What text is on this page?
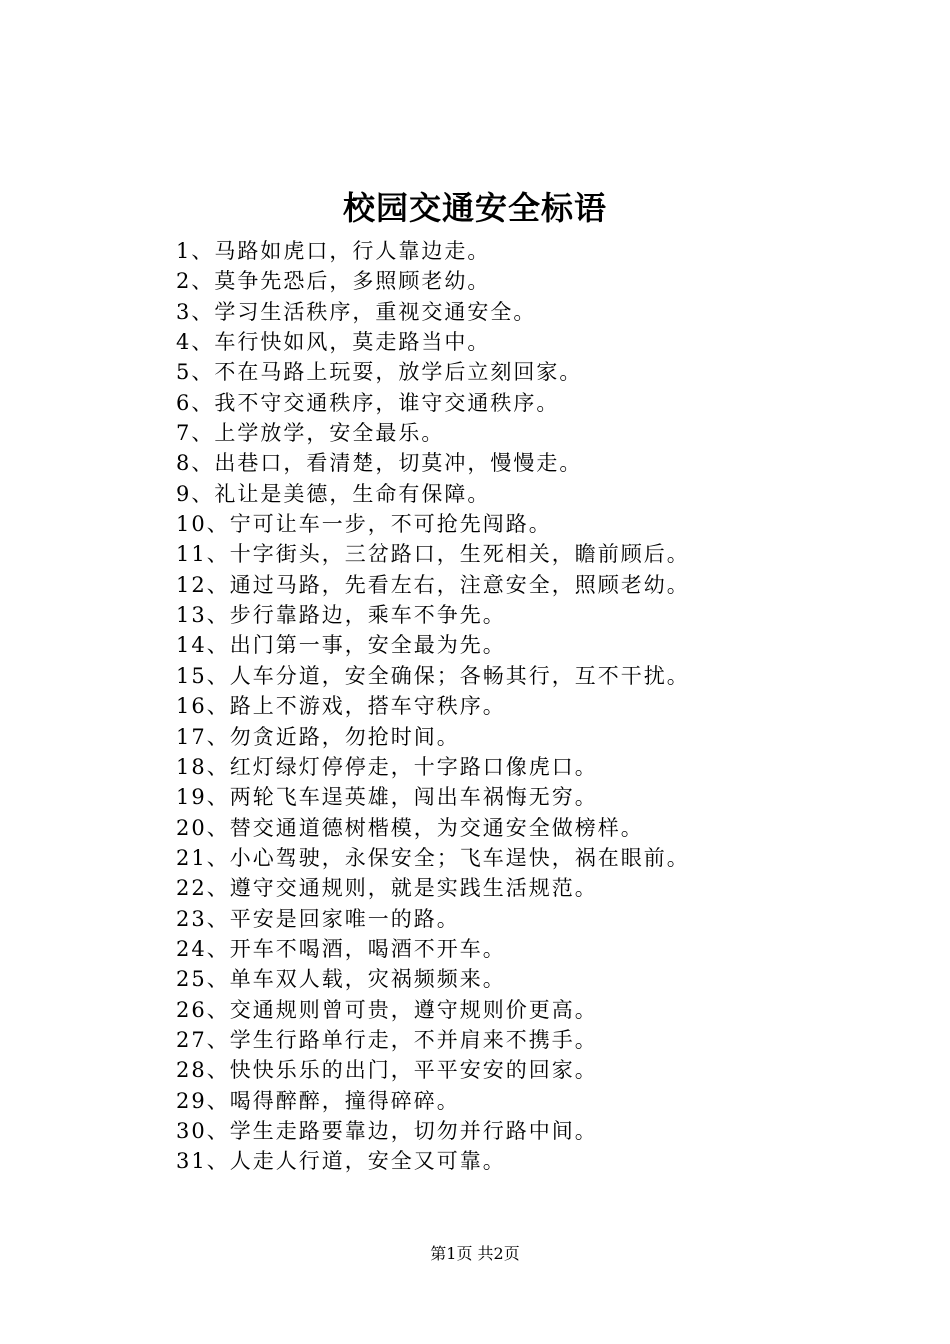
校园交通安全标语
1、马路如虎口，行人靠边走。
2、莫争先恐后，多照顾老幼。
3、学习生活秩序，重视交通安全。
4、车行快如风，莫走路当中。
5、不在马路上玩耍，放学后立刻回家。
6、我不守交通秩序，谁守交通秩序。
7、上学放学，安全最乐。
8、出巷口，看清楚，切莫冲，慢慢走。
9、礼让是美德，生命有保障。
10、宁可让车一步，不可抢先闯路。
11、十字街头，三岔路口，生死相关，瞻前顾后。
12、通过马路，先看左右，注意安全，照顾老幼。
13、步行靠路边，乘车不争先。
14、出门第一事，安全最为先。
15、人车分道，安全确保；各畅其行，互不干扰。
16、路上不游戏，搭车守秩序。
17、勿贪近路，勿抢时间。
18、红灯绿灯停停走，十字路口像虎口。
19、两轮飞车逞英雄，闯出车祸悔无穷。
20、替交通道德树楷模，为交通安全做榜样。
21、小心驾驶，永保安全；飞车逞快，祸在眼前。
22、遵守交通规则，就是实践生活规范。
23、平安是回家唯一的路。
24、开车不喝酒，喝酒不开车。
25、单车双人载，灾祸频频来。
26、交通规则曾可贵，遵守规则价更高。
27、学生行路单行走，不并肩来不携手。
28、快快乐乐的出门，平平安安的回家。
29、喝得醉醉，撞得碎碎。
30、学生走路要靠边，切勿并行路中间。
31、人走人行道，安全又可靠。
第1页 共2页
